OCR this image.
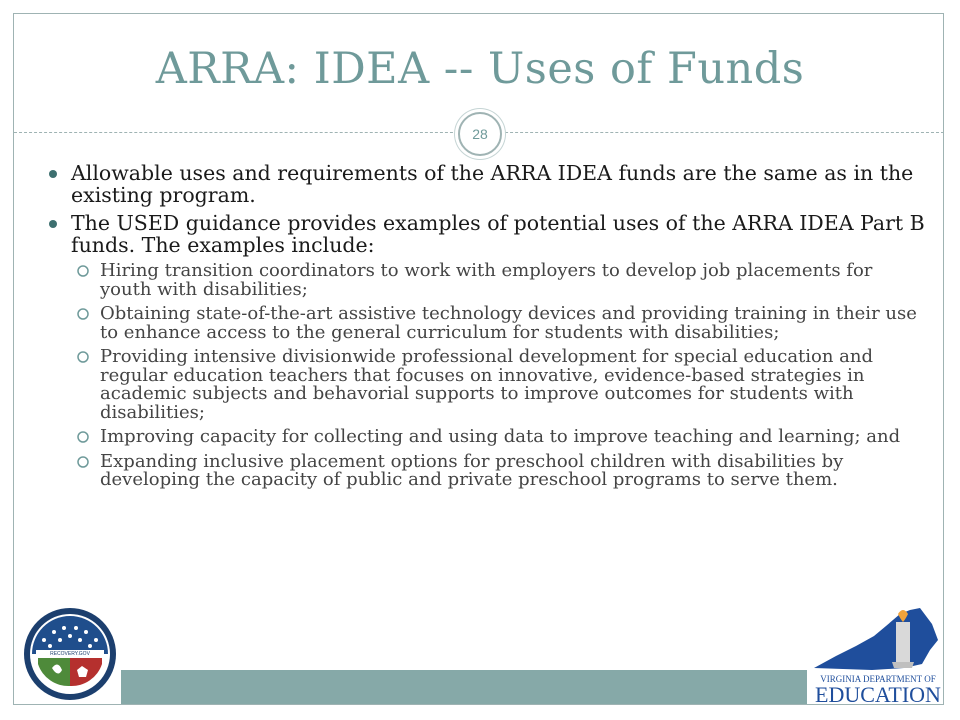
ARRA: IDEA -- Uses of Funds
28
Allowable uses and requirements of the ARRA IDEA funds are the same as in the existing program.
The USED guidance provides examples of potential uses of the ARRA IDEA Part B funds. The examples include:
Hiring transition coordinators to work with employers to develop job placements for youth with disabilities;
Obtaining state-of-the-art assistive technology devices and providing training in their use to enhance access to the general curriculum for students with disabilities;
Providing intensive divisionwide professional development for special education and regular education teachers that focuses on innovative, evidence-based strategies in academic subjects and behavorial supports to improve outcomes for students with disabilities;
Improving capacity for collecting and using data to improve teaching and learning; and
Expanding inclusive placement options for preschool children with disabilities by developing the capacity of public and private preschool programs to serve them.
RECOVERY.GOV
VIRGINIA DEPARTMENT OF
EDUCATION
